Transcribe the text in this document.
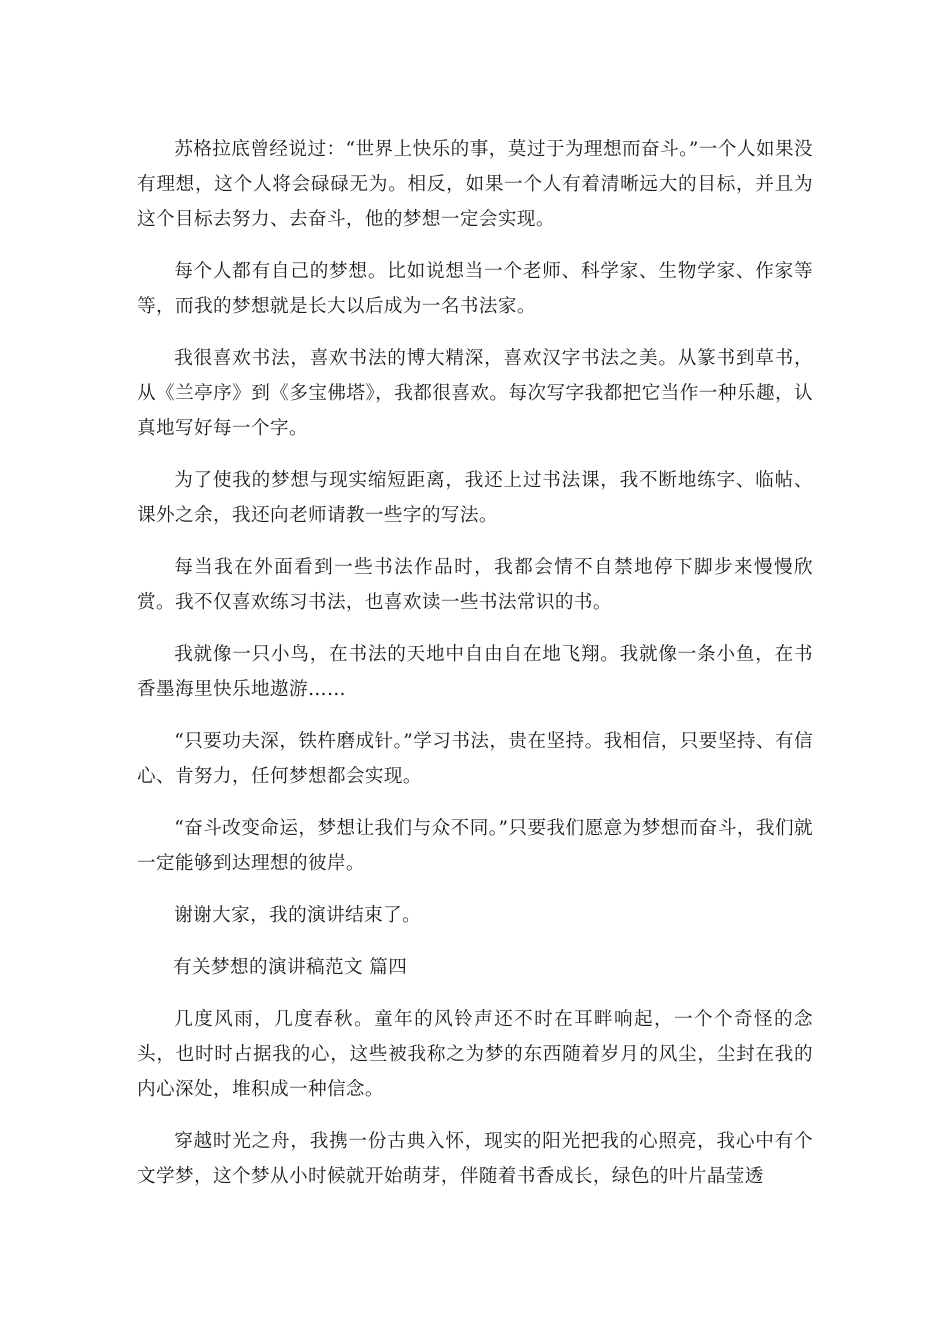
苏格拉底曾经说过：“世界上快乐的事，莫过于为理想而奋斗。”一个人如果没有理想，这个人将会碌碌无为。相反，如果一个人有着清晰远大的目标，并且为这个目标去努力、去奋斗，他的梦想一定会实现。

每个人都有自己的梦想。比如说想当一个老师、科学家、生物学家、作家等等，而我的梦想就是长大以后成为一名书法家。

我很喜欢书法，喜欢书法的博大精深，喜欢汉字书法之美。从篆书到草书，从《兰亭序》到《多宝佛塔》，我都很喜欢。每次写字我都把它当作一种乐趣，认真地写好每一个字。

为了使我的梦想与现实缩短距离，我还上过书法课，我不断地练字、临帖、课外之余，我还向老师请教一些字的写法。

每当我在外面看到一些书法作品时，我都会情不自禁地停下脚步来慢慢欣赏。我不仅喜欢练习书法，也喜欢读一些书法常识的书。

我就像一只小鸟，在书法的天地中自由自在地飞翔。我就像一条小鱼，在书香墨海里快乐地遨游……

“只要功夫深，铁杵磨成针。”学习书法，贵在坚持。我相信，只要坚持、有信心、肯努力，任何梦想都会实现。

“奋斗改变命运，梦想让我们与众不同。”只要我们愿意为梦想而奋斗，我们就一定能够到达理想的彼岸。

谢谢大家，我的演讲结束了。

有关梦想的演讲稿范文 篇四

几度风雨，几度春秋。童年的风铃声还不时在耳畔响起，一个个奇怪的念头，也时时占据我的心，这些被我称之为梦的东西随着岁月的风尘，尘封在我的内心深处，堆积成一种信念。

穿越时光之舟，我携一份古典入怀，现实的阳光把我的心照亮，我心中有个文学梦，这个梦从小时候就开始萌芽，伴随着书香成长，绿色的叶片晶莹透
